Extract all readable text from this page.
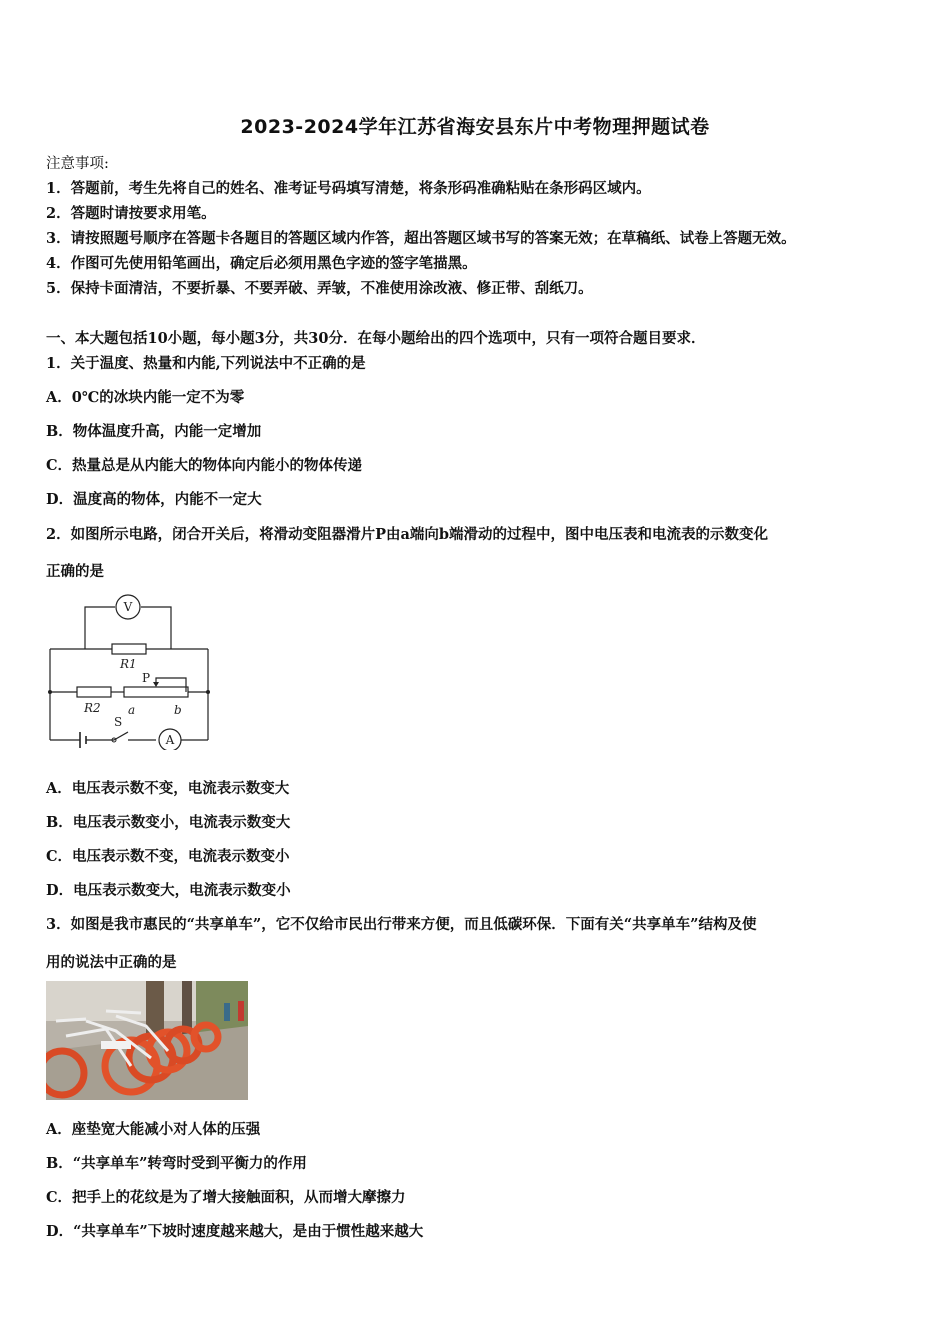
2023-2024学年江苏省海安县东片中考物理押题试卷
注意事项:
1．答题前，考生先将自己的姓名、准考证号码填写清楚，将条形码准确粘贴在条形码区域内。
2．答题时请按要求用笔。
3．请按照题号顺序在答题卡各题目的答题区域内作答，超出答题区域书写的答案无效；在草稿纸、试卷上答题无效。
4．作图可先使用铅笔画出，确定后必须用黑色字迹的签字笔描黑。
5．保持卡面清洁，不要折暴、不要弄破、弄皱，不准使用涂改液、修正带、刮纸刀。
一、本大题包括10小题，每小题3分，共30分．在每小题给出的四个选项中，只有一项符合题目要求．
1．关于温度、热量和内能,下列说法中不正确的是
A．0℃的冰块内能一定不为零
B．物体温度升高，内能一定增加
C．热量总是从内能大的物体向内能小的物体传递
D．温度高的物体，内能不一定大
2．如图所示电路，闭合开关后，将滑动变阻器滑片P由a端向b端滑动的过程中，图中电压表和电流表的示数变化
正确的是
V
A
R1
R2
P
S
a	b
A．电压表示数不变，电流表示数变大
B．电压表示数变小，电流表示数变大
C．电压表示数不变，电流表示数变小
D．电压表示数变大，电流表示数变小
3．如图是我市惠民的“共享单车”，它不仅给市民出行带来方便，而且低碳环保．下面有关“共享单车”结构及使
用的说法中正确的是
A．座垫宽大能减小对人体的压强
B．“共享单车”转弯时受到平衡力的作用
C．把手上的花纹是为了增大接触面积，从而增大摩擦力
D．“共享单车”下坡时速度越来越大，是由于惯性越来越大
